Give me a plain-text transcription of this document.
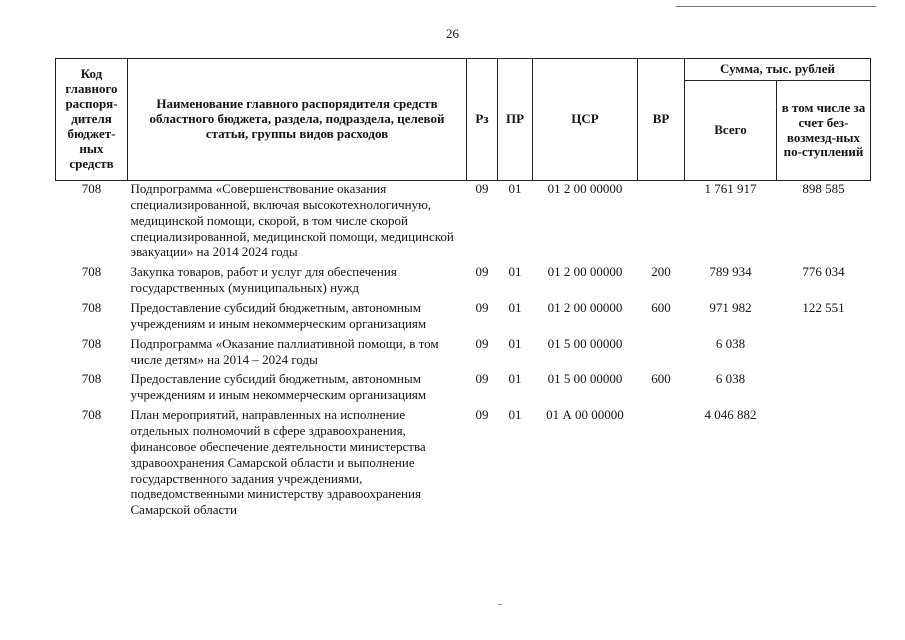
26
Код главного распоря-дителя бюджет-ных средств	Наименование главного распорядителя средств областного бюджета, раздела, подраздела, целевой статьи, группы видов расходов	Рз	ПР	ЦСР	ВР	Сумма, тыс. рублей	
						Всего	в том числе за счет без-возмезд-ных по-ступлений
708	Подпрограмма «Совершенствование оказания специализированной, включая высокотехнологичную, медицинской помощи, скорой, в том числе скорой специализированной, медицинской помощи, медицинской эвакуации» на 2014 2024 годы	09	01	01 2 00 00000		1 761 917	898 585
708	Закупка товаров, работ и услуг для обеспечения государственных (муниципальных) нужд	09	01	01 2 00 00000	200	789 934	776 034
708	Предоставление субсидий бюджетным, автономным учреждениям и иным некоммерческим организациям	09	01	01 2 00 00000	600	971 982	122 551
708	Подпрограмма «Оказание паллиативной помощи, в том числе детям» на 2014 – 2024 годы	09	01	01 5 00 00000		6 038	
708	Предоставление субсидий бюджетным, автономным учреждениям и иным некоммерческим организациям	09	01	01 5 00 00000	600	6 038	
708	План мероприятий, направленных на исполнение отдельных полномочий в сфере здравоохранения, финансовое обеспечение деятельности министерства здравоохранения Самарской области и выполнение государственного задания учреждениями, подведомственными министерству здравоохранения Самарской области	09	01	01 А 00 00000		4 046 882	
